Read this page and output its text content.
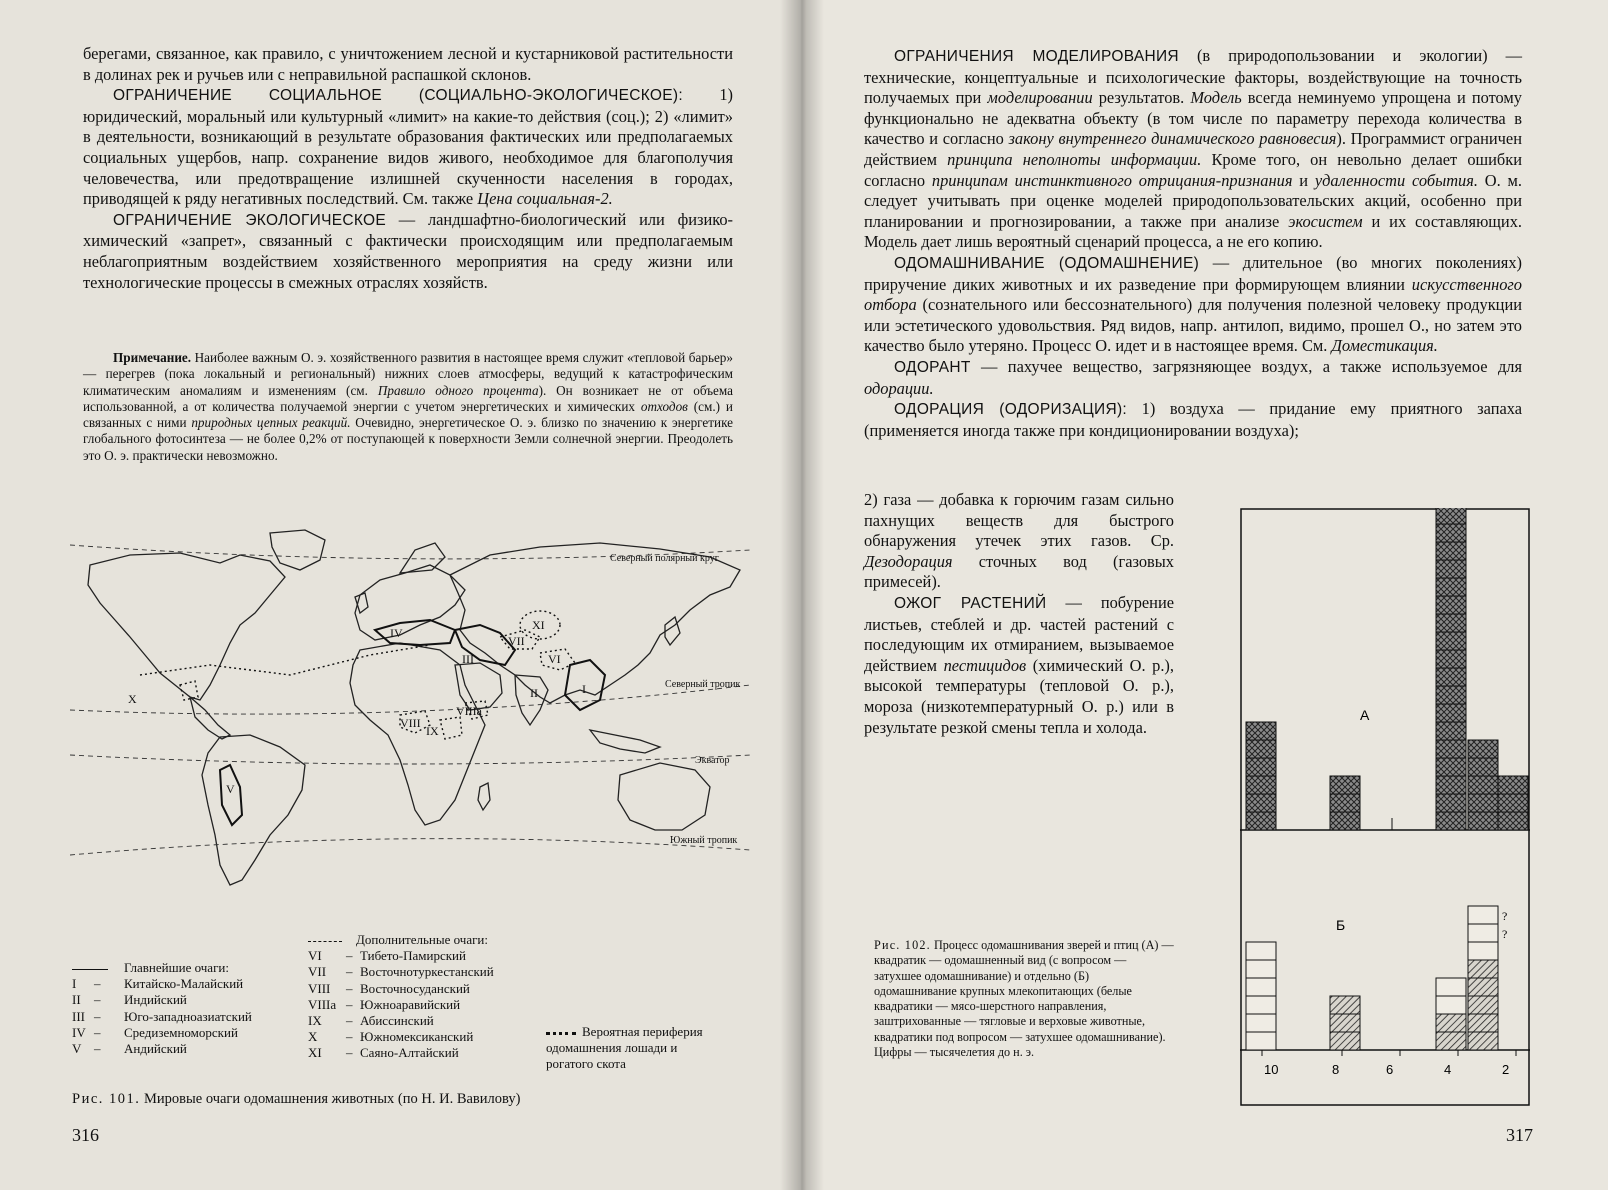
берегами, связанное, как правило, с уничтожением лесной и кустарниковой растительности в долинах рек и ручьев или с неправильной распашкой склонов.

ОГРАНИЧЕНИЕ СОЦИАЛЬНОЕ (СОЦИАЛЬНО-ЭКОЛОГИЧЕСКОЕ): 1) юридический, моральный или культурный «лимит» на какие-то действия (соц.); 2) «лимит» в деятельности, возникающий в результате образования фактических или предполагаемых социальных ущербов, напр. сохранение видов живого, необходимое для благополучия человечества, или предотвращение излишней скученности населения в городах, приводящей к ряду негативных последствий. См. также Цена социальная-2.

ОГРАНИЧЕНИЕ ЭКОЛОГИЧЕСКОЕ — ландшафтно-биологический или физико-химический «запрет», связанный с фактически происходящим или предполагаемым неблагоприятным воздействием хозяйственного мероприятия на среду жизни или технологические процессы в смежных отраслях хозяйств.

Примечание. Наиболее важным О. э. хозяйственного развития в настоящее время служит «тепловой барьер» — перегрев (пока локальный и региональный) нижних слоев атмосферы, ведущий к катастрофическим климатическим аномалиям и изменениям (см. Правило одного процента). Он возникает не от объема использованной, а от количества получаемой энергии с учетом энергетических и химических отходов (см.) и связанных с ними природных цепных реакций. Очевидно, энергетическое О. э. близко по значению к энергетике глобального фотосинтеза — не более 0,2% от поступающей к поверхности Земли солнечной энергии. Преодолеть это О. э. практически невозможно.

Северный полярный круг
Северный тропик
Экватор
Южный тропик
I
II
III
IV
V
VI
VII
VIII
VIIIa
IX
X
XI
Главнейшие очаги:
I – Китайско-Малайский
II – Индийский
III – Юго-западноазиатский
IV – Средиземноморский
V – Андийский
Дополнительные очаги:
VI – Тибето-Памирский
VII – Восточнотуркестанский
VIII – Восточносуданский
VIIIa – Южноаравийский
IX – Абиссинский
X – Южномексиканский
XI – Саяно-Алтайский
Вероятная периферия одомашнения лошади и рогатого скота
Рис. 101. Мировые очаги одомашнения животных (по Н. И. Вавилову)
316

ОГРАНИЧЕНИЯ МОДЕЛИРОВАНИЯ (в природопользовании и экологии) — технические, концептуальные и психологические факторы, воздействующие на точность получаемых при моделировании результатов. Модель всегда неминуемо упрощена и потому функционально не адекватна объекту (в том числе по параметру перехода количества в качество и согласно закону внутреннего динамического равновесия). Программист ограничен действием принципа неполноты информации. Кроме того, он невольно делает ошибки согласно принципам инстинктивного отрицания-признания и удаленности события. О. м. следует учитывать при оценке моделей природопользовательских акций, особенно при планировании и прогнозировании, а также при анализе экосистем и их составляющих. Модель дает лишь вероятный сценарий процесса, а не его копию.

ОДОМАШНИВАНИЕ (ОДОМАШНЕНИЕ) — длительное (во многих поколениях) приручение диких животных и их разведение при формирующем влиянии искусственного отбора (сознательного или бессознательного) для получения полезной человеку продукции или эстетического удовольствия. Ряд видов, напр. антилоп, видимо, прошел О., но затем это качество было утеряно. Процесс О. идет и в настоящее время. См. Доместикация.

ОДОРАНТ — пахучее вещество, загрязняющее воздух, а также используемое для одорации.

ОДОРАЦИЯ (ОДОРИЗАЦИЯ): 1) воздуха — придание ему приятного запаха (применяется иногда также при кондиционировании воздуха);

2) газа — добавка к горючим газам сильно пахнущих веществ для быстрого обнаружения утечек этих газов. Ср. Дезодорация сточных вод (газовых примесей).

ОЖОГ РАСТЕНИЙ — побурение листьев, стеблей и др. частей растений с последующим их отмиранием, вызываемое действием пестицидов (химический О. р.), высокой температуры (тепловой О. р.), мороза (низкотемпературный О. р.) или в результате резкой смены тепла и холода.

Рис. 102. Процесс одомашнивания зверей и птиц (А) — квадратик — одомашненный вид (с вопросом — затухшее одомашнивание) и отдельно (Б) одомашнивание крупных млекопитающих (белые квадратики — мясо-шерстного направления, заштрихованные — тягловые и верховые животные, квадратики под вопросом — затухшее одомашнивание). Цифры — тысячелетия до н. э.
317
А
Б
?
?
10	8	6	4	2
